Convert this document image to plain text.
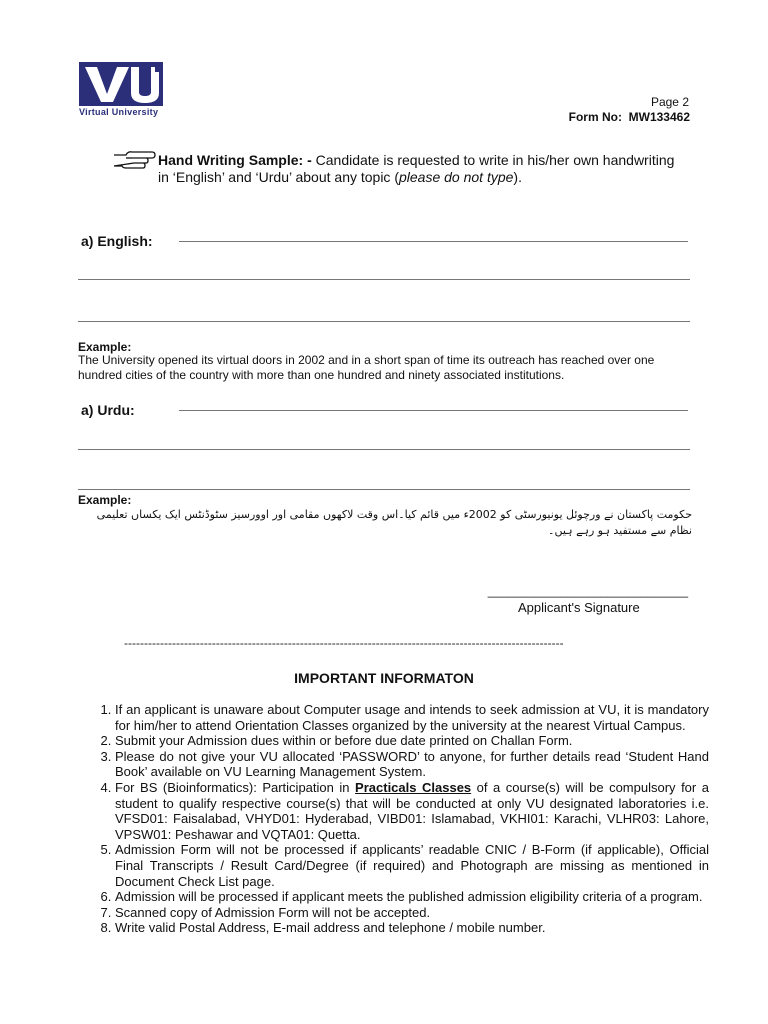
Virtual University
Page 2
Form No: MW133462
Hand Writing Sample: - Candidate is requested to write in his/her own handwriting in ‘English’ and ‘Urdu’ about any topic (please do not type).
a) English:
Example:
The University opened its virtual doors in 2002 and in a short span of time its outreach has reached over one hundred cities of the country with more than one hundred and ninety associated institutions.
a) Urdu:
Example:
حکومت پاکستان نے ورچوئل یونیورسٹی کو 2002ء میں قائم کیا۔اس وقت لاکھوں مقامی اور اوورسیز سٹوڈنٹس ایک یکساں تعلیمی نظام سے مستفید ہو رہے ہیں۔
______________________________
Applicant's Signature
--------------------------------------------------------------------------------------------------------------
IMPORTANT INFORMATON
1. If an applicant is unaware about Computer usage and intends to seek admission at VU, it is mandatory for him/her to attend Orientation Classes organized by the university at the nearest Virtual Campus.
2. Submit your Admission dues within or before due date printed on Challan Form.
3. Please do not give your VU allocated ‘PASSWORD’ to anyone, for further details read ‘Student Hand Book’ available on VU Learning Management System.
4. For BS (Bioinformatics): Participation in Practicals Classes of a course(s) will be compulsory for a student to qualify respective course(s) that will be conducted at only VU designated laboratories i.e. VFSD01: Faisalabad, VHYD01: Hyderabad, VIBD01: Islamabad, VKHI01: Karachi, VLHR03: Lahore, VPSW01: Peshawar and VQTA01: Quetta.
5. Admission Form will not be processed if applicants’ readable CNIC / B-Form (if applicable), Official Final Transcripts / Result Card/Degree (if required) and Photograph are missing as mentioned in Document Check List page.
6. Admission will be processed if applicant meets the published admission eligibility criteria of a program.
7. Scanned copy of Admission Form will not be accepted.
8. Write valid Postal Address, E-mail address and telephone / mobile number.
